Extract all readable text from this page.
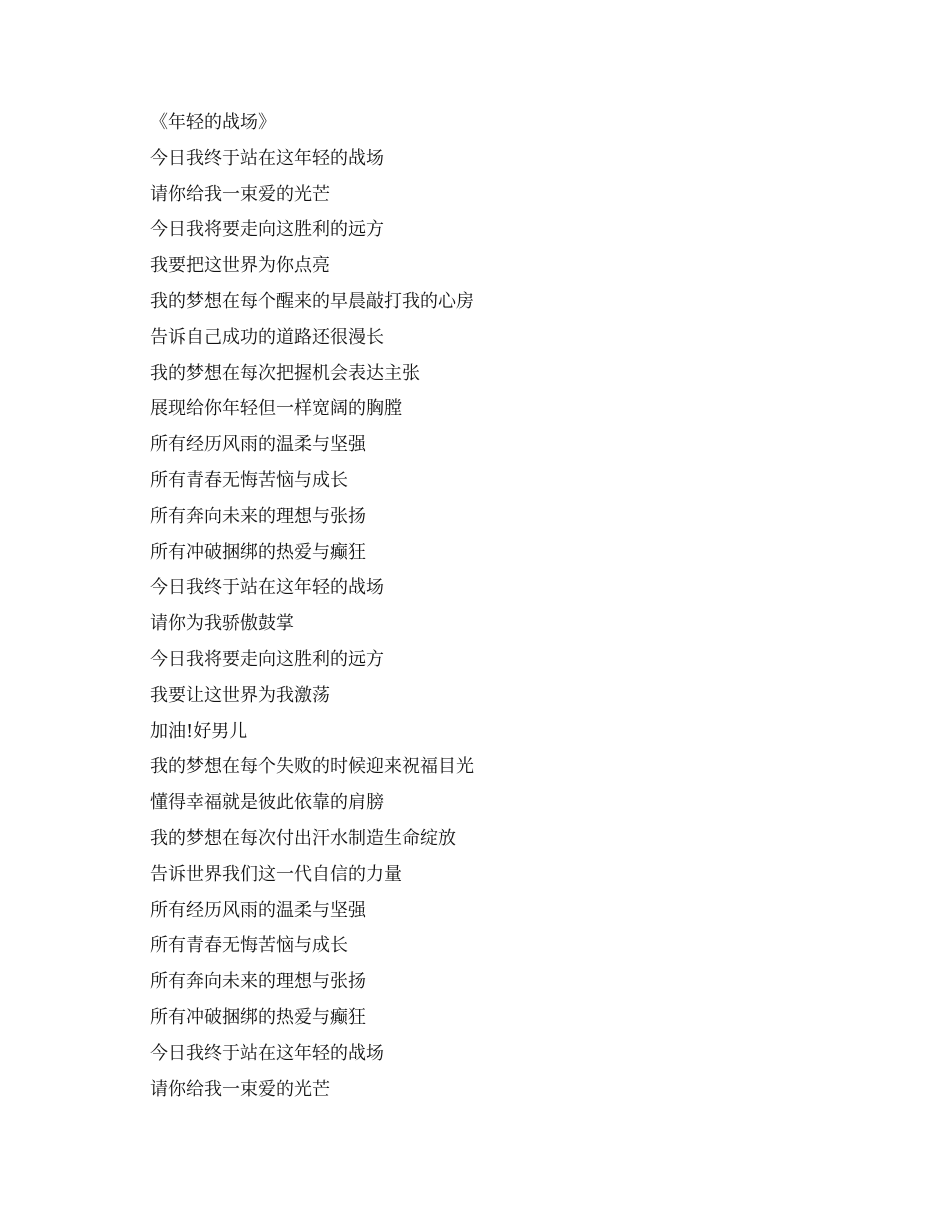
《年轻的战场》
今日我终于站在这年轻的战场
请你给我一束爱的光芒
今日我将要走向这胜利的远方
我要把这世界为你点亮
我的梦想在每个醒来的早晨敲打我的心房
告诉自己成功的道路还很漫长
我的梦想在每次把握机会表达主张
展现给你年轻但一样宽阔的胸膛
所有经历风雨的温柔与坚强
所有青春无悔苦恼与成长
所有奔向未来的理想与张扬
所有冲破捆绑的热爱与癫狂
今日我终于站在这年轻的战场
请你为我骄傲鼓掌
今日我将要走向这胜利的远方
我要让这世界为我激荡
加油!好男儿
我的梦想在每个失败的时候迎来祝福目光
懂得幸福就是彼此依靠的肩膀
我的梦想在每次付出汗水制造生命绽放
告诉世界我们这一代自信的力量
所有经历风雨的温柔与坚强
所有青春无悔苦恼与成长
所有奔向未来的理想与张扬
所有冲破捆绑的热爱与癫狂
今日我终于站在这年轻的战场
请你给我一束爱的光芒
